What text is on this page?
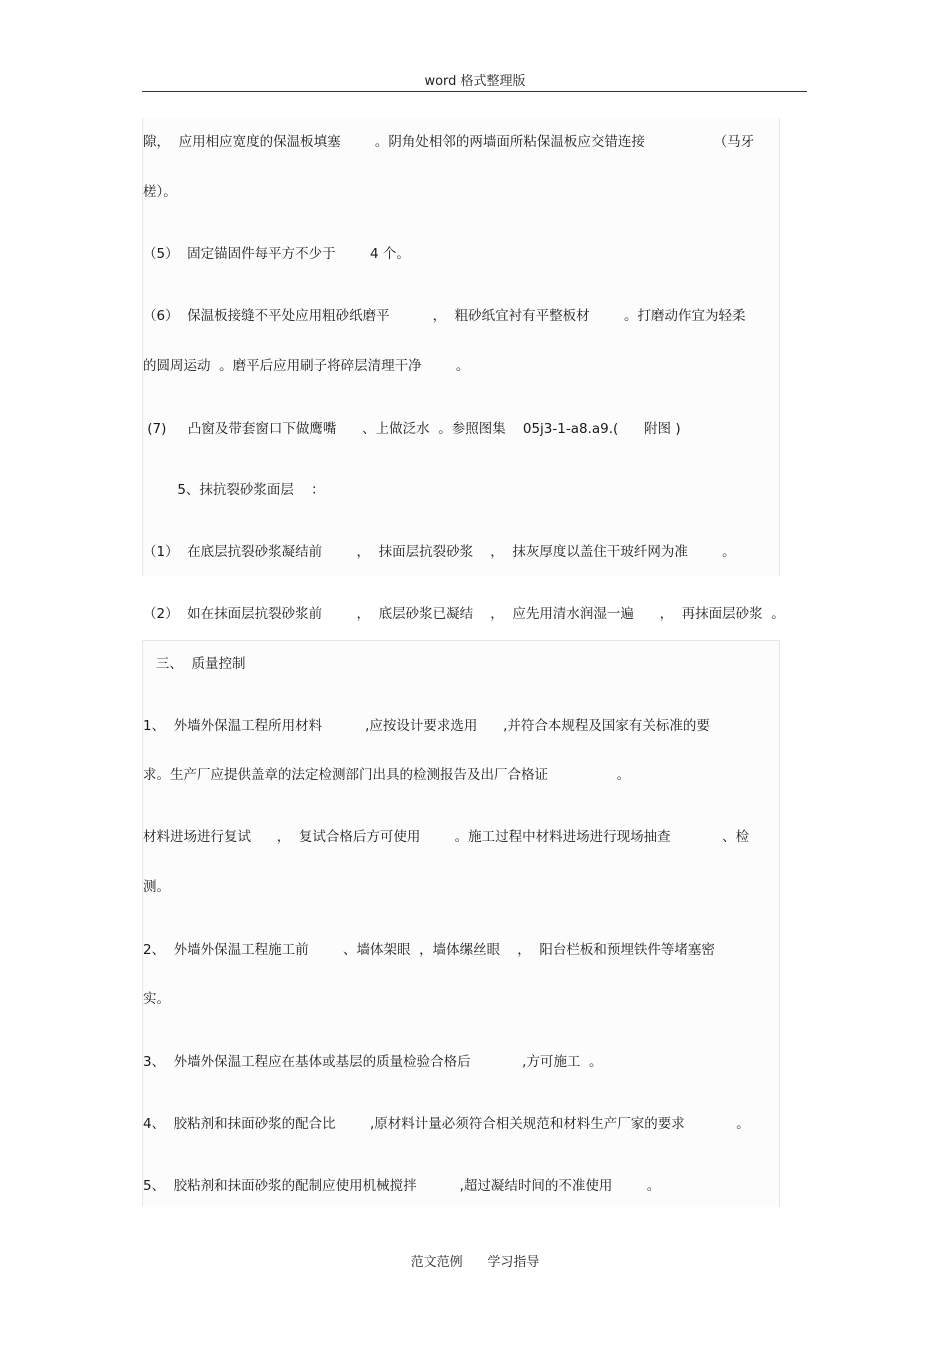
word 格式整理版
隙，  应用相应宽度的保温板填塞        。阴角处相邻的两墙面所粘保温板应交错连接                （马牙
槎）。
（5）  固定锚固件每平方不少于        4 个。
（6）  保温板接缝不平处应用粗砂纸磨平          ，  粗砂纸宜衬有平整板材        。打磨动作宜为轻柔
的圆周运动  。磨平后应用刷子将碎层清理干净        。
(7)     凸窗及带套窗口下做鹰嘴      、上做泛水  。参照图集    05j3-1-a8.a9.(      附图 )
5、抹抗裂砂浆面层    ：
（1）  在底层抗裂砂浆凝结前        ，  抹面层抗裂砂浆    ，  抹灰厚度以盖住干玻纤网为准        。
（2）  如在抹面层抗裂砂浆前        ，  底层砂浆已凝结    ，  应先用清水润湿一遍      ，  再抹面层砂浆  。
三、  质量控制
1、  外墙外保温工程所用材料          ,应按设计要求选用      ,并符合本规程及国家有关标准的要
求。生产厂应提供盖章的法定检测部门出具的检测报告及出厂合格证                。
材料进场进行复试      ，  复试合格后方可使用        。施工过程中材料进场进行现场抽查            、检
测。
2、  外墙外保温工程施工前        、墙体架眼  ，墙体缧丝眼    ，  阳台栏板和预埋铁件等堵塞密
实。
3、  外墙外保温工程应在基体或基层的质量检验合格后            ,方可施工  。
4、  胶粘剂和抹面砂浆的配合比        ,原材料计量必须符合相关规范和材料生产厂家的要求            。
5、  胶粘剂和抹面砂浆的配制应使用机械搅拌          ,超过凝结时间的不准使用        。
范文范例      学习指导
